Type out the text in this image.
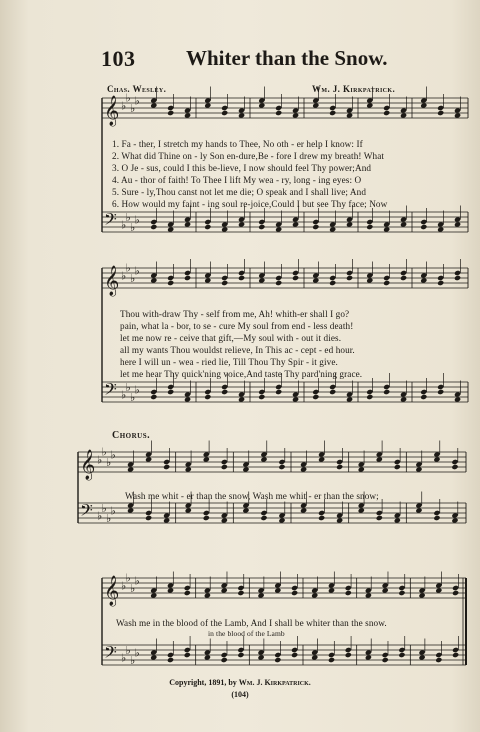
103 Whiter than the Snow.
Chas. Wesley.	Wm. J. Kirkpatrick.
𝄞
𝄢
♭
♭
♭
♭
♭
♭
♭
♭
𝄞
𝄢
♭
♭
♭
♭
♭
♭
♭
♭
𝄞
𝄢
♭
♭
♭
♭
♭
♭
♭
♭
𝄞
𝄢
♭
♭
♭
♭
♭
♭
♭
♭
1. Fa - ther, I stretch my hands to Thee, No oth - er help I know: If
2. What did Thine on - ly Son en-dure,Be - fore I drew my breath! What
3. O Je - sus, could I this be-lieve, I now should feel Thy power;And
4. Au - thor of faith! To Thee I lift My wea - ry, long - ing eyes: O
5. Sure - ly,Thou canst not let me die; O speak and I shall live; And
6. How would my faint - ing soul re-joice,Could I but see Thy face; Now
Thou with-draw Thy - self from me, Ah! whith-er shall I go?
pain, what la - bor, to se - cure My soul from end - less death!
let me now re - ceive that gift,—My soul with - out it dies.
all my wants Thou wouldst relieve, In This ac - cept - ed hour.
here I will un - wea - ried lie, Till Thou Thy Spir - it give.
let me hear Thy quick'ning voice,And taste Thy pard'ning grace.
Chorus.
Wash me whit - er than the snow, Wash me whit - er than the snow;
Wash me in the blood of the Lamb, And I shall be whiter than the snow.
in the blood of the Lamb
Copyright, 1891, by Wm. J. Kirkpatrick.
(104)
